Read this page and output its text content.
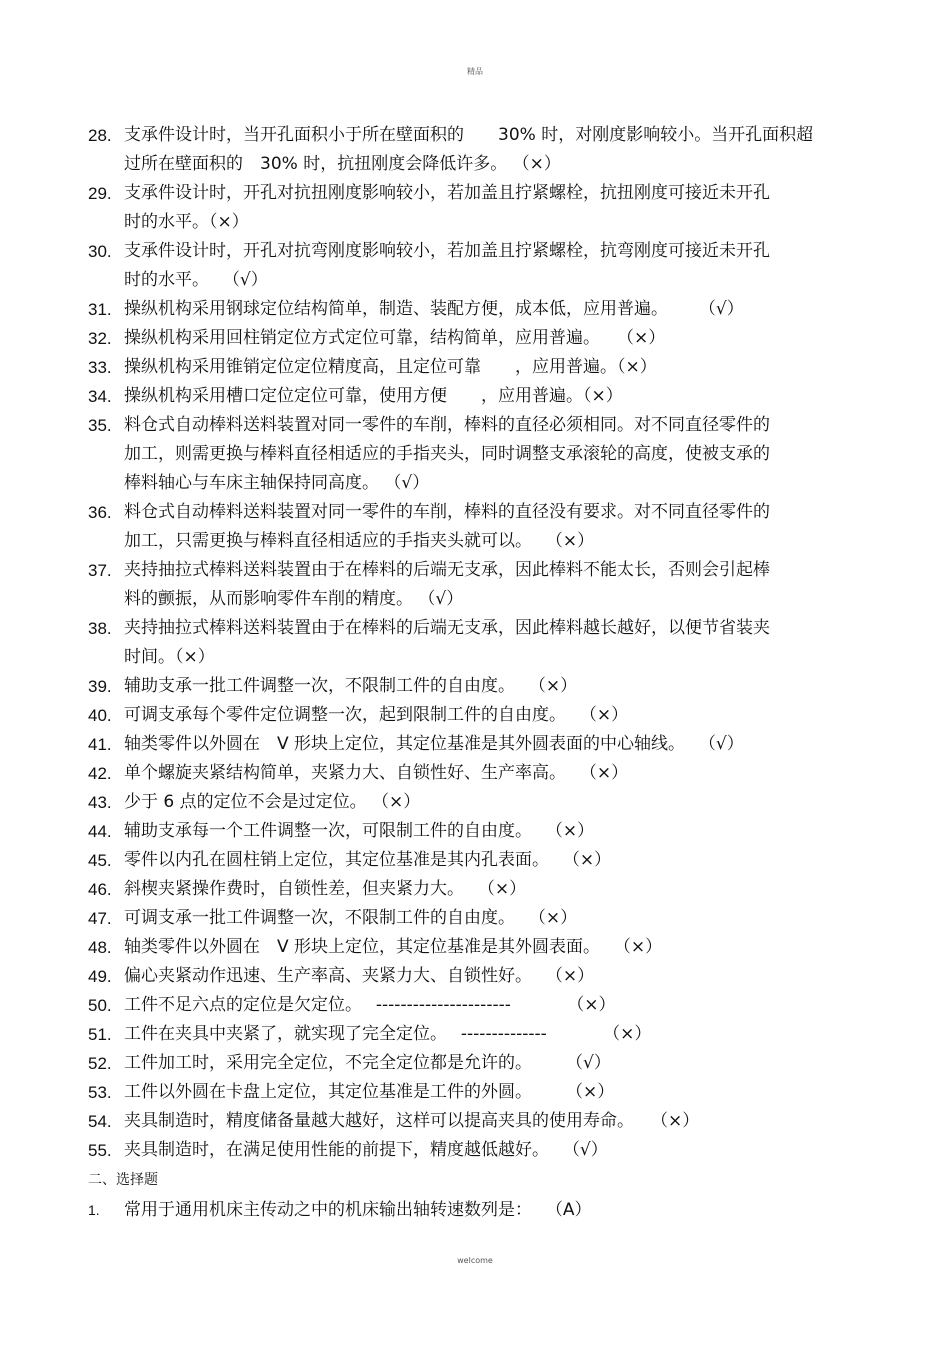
精品
28. 支承件设计时，当开孔面积小于所在壁面积的　　30% 时，对刚度影响较小。当开孔面积超
过所在壁面积的　30% 时，抗扭刚度会降低许多。 （×）
29. 支承件设计时，开孔对抗扭刚度影响较小，若加盖且拧紧螺栓，抗扭刚度可接近未开孔
时的水平。（×）
30. 支承件设计时，开孔对抗弯刚度影响较小，若加盖且拧紧螺栓，抗弯刚度可接近未开孔
时的水平。　 （√）
31. 操纵机构采用钢球定位结构简单，制造、装配方便，成本低，应用普遍。　　 （√）
32. 操纵机构采用回柱销定位方式定位可靠，结构简单，应用普遍。　　（×）
33. 操纵机构采用锥销定位定位精度高，且定位可靠　　，应用普遍。（×）
34. 操纵机构采用槽口定位定位可靠，使用方便　　，应用普遍。（×）
35. 料仓式自动棒料送料装置对同一零件的车削，棒料的直径必须相同。对不同直径零件的
加工，则需更换与棒料直径相适应的手指夹头，同时调整支承滚轮的高度，使被支承的
棒料轴心与车床主轴保持同高度。 （√）
36. 料仓式自动棒料送料装置对同一零件的车削，棒料的直径没有要求。对不同直径零件的
加工，只需更换与棒料直径相适应的手指夹头就可以。　 （×）
37. 夹持抽拉式棒料送料装置由于在棒料的后端无支承，因此棒料不能太长，否则会引起棒
料的颤振，从而影响零件车削的精度。 （√）
38. 夹持抽拉式棒料送料装置由于在棒料的后端无支承，因此棒料越长越好，以便节省装夹
时间。（×）
39. 辅助支承一批工件调整一次，不限制工件的自由度。　 （×）
40. 可调支承每个零件定位调整一次，起到限制工件的自由度。　 （×）
41. 轴类零件以外圆在　V 形块上定位，其定位基准是其外圆表面的中心轴线。　 （√）
42. 单个螺旋夹紧结构简单，夹紧力大、自锁性好、生产率高。　 （×）
43. 少于 6 点的定位不会是过定位。 （×）
44. 辅助支承每一个工件调整一次，可限制工件的自由度。　 （×）
45. 零件以内孔在圆柱销上定位，其定位基准是其内孔表面。　 （×）
46. 斜楔夹紧操作费时，自锁性差，但夹紧力大。　 （×）
47. 可调支承一批工件调整一次，不限制工件的自由度。　 （×）
48. 轴类零件以外圆在　V 形块上定位，其定位基准是其外圆表面。　 （×）
49. 偏心夹紧动作迅速、生产率高、夹紧力大、自锁性好。　 （×）
50. 工件不足六点的定位是欠定位。　 ----------------------　　　 （×）
51. 工件在夹具中夹紧了，就实现了完全定位。　 --------------　　　 （×）
52. 工件加工时，采用完全定位，不完全定位都是允许的。　　　（√）
53. 工件以外圆在卡盘上定位，其定位基准是工件的外圆。　　　（×）
54. 夹具制造时，精度储备量越大越好，这样可以提高夹具的使用寿命。　　（×）
55. 夹具制造时，在满足使用性能的前提下，精度越低越好。　 （√）
二、选择题
1.	常用于通用机床主传动之中的机床输出轴转速数列是：　 （A）
welcome
